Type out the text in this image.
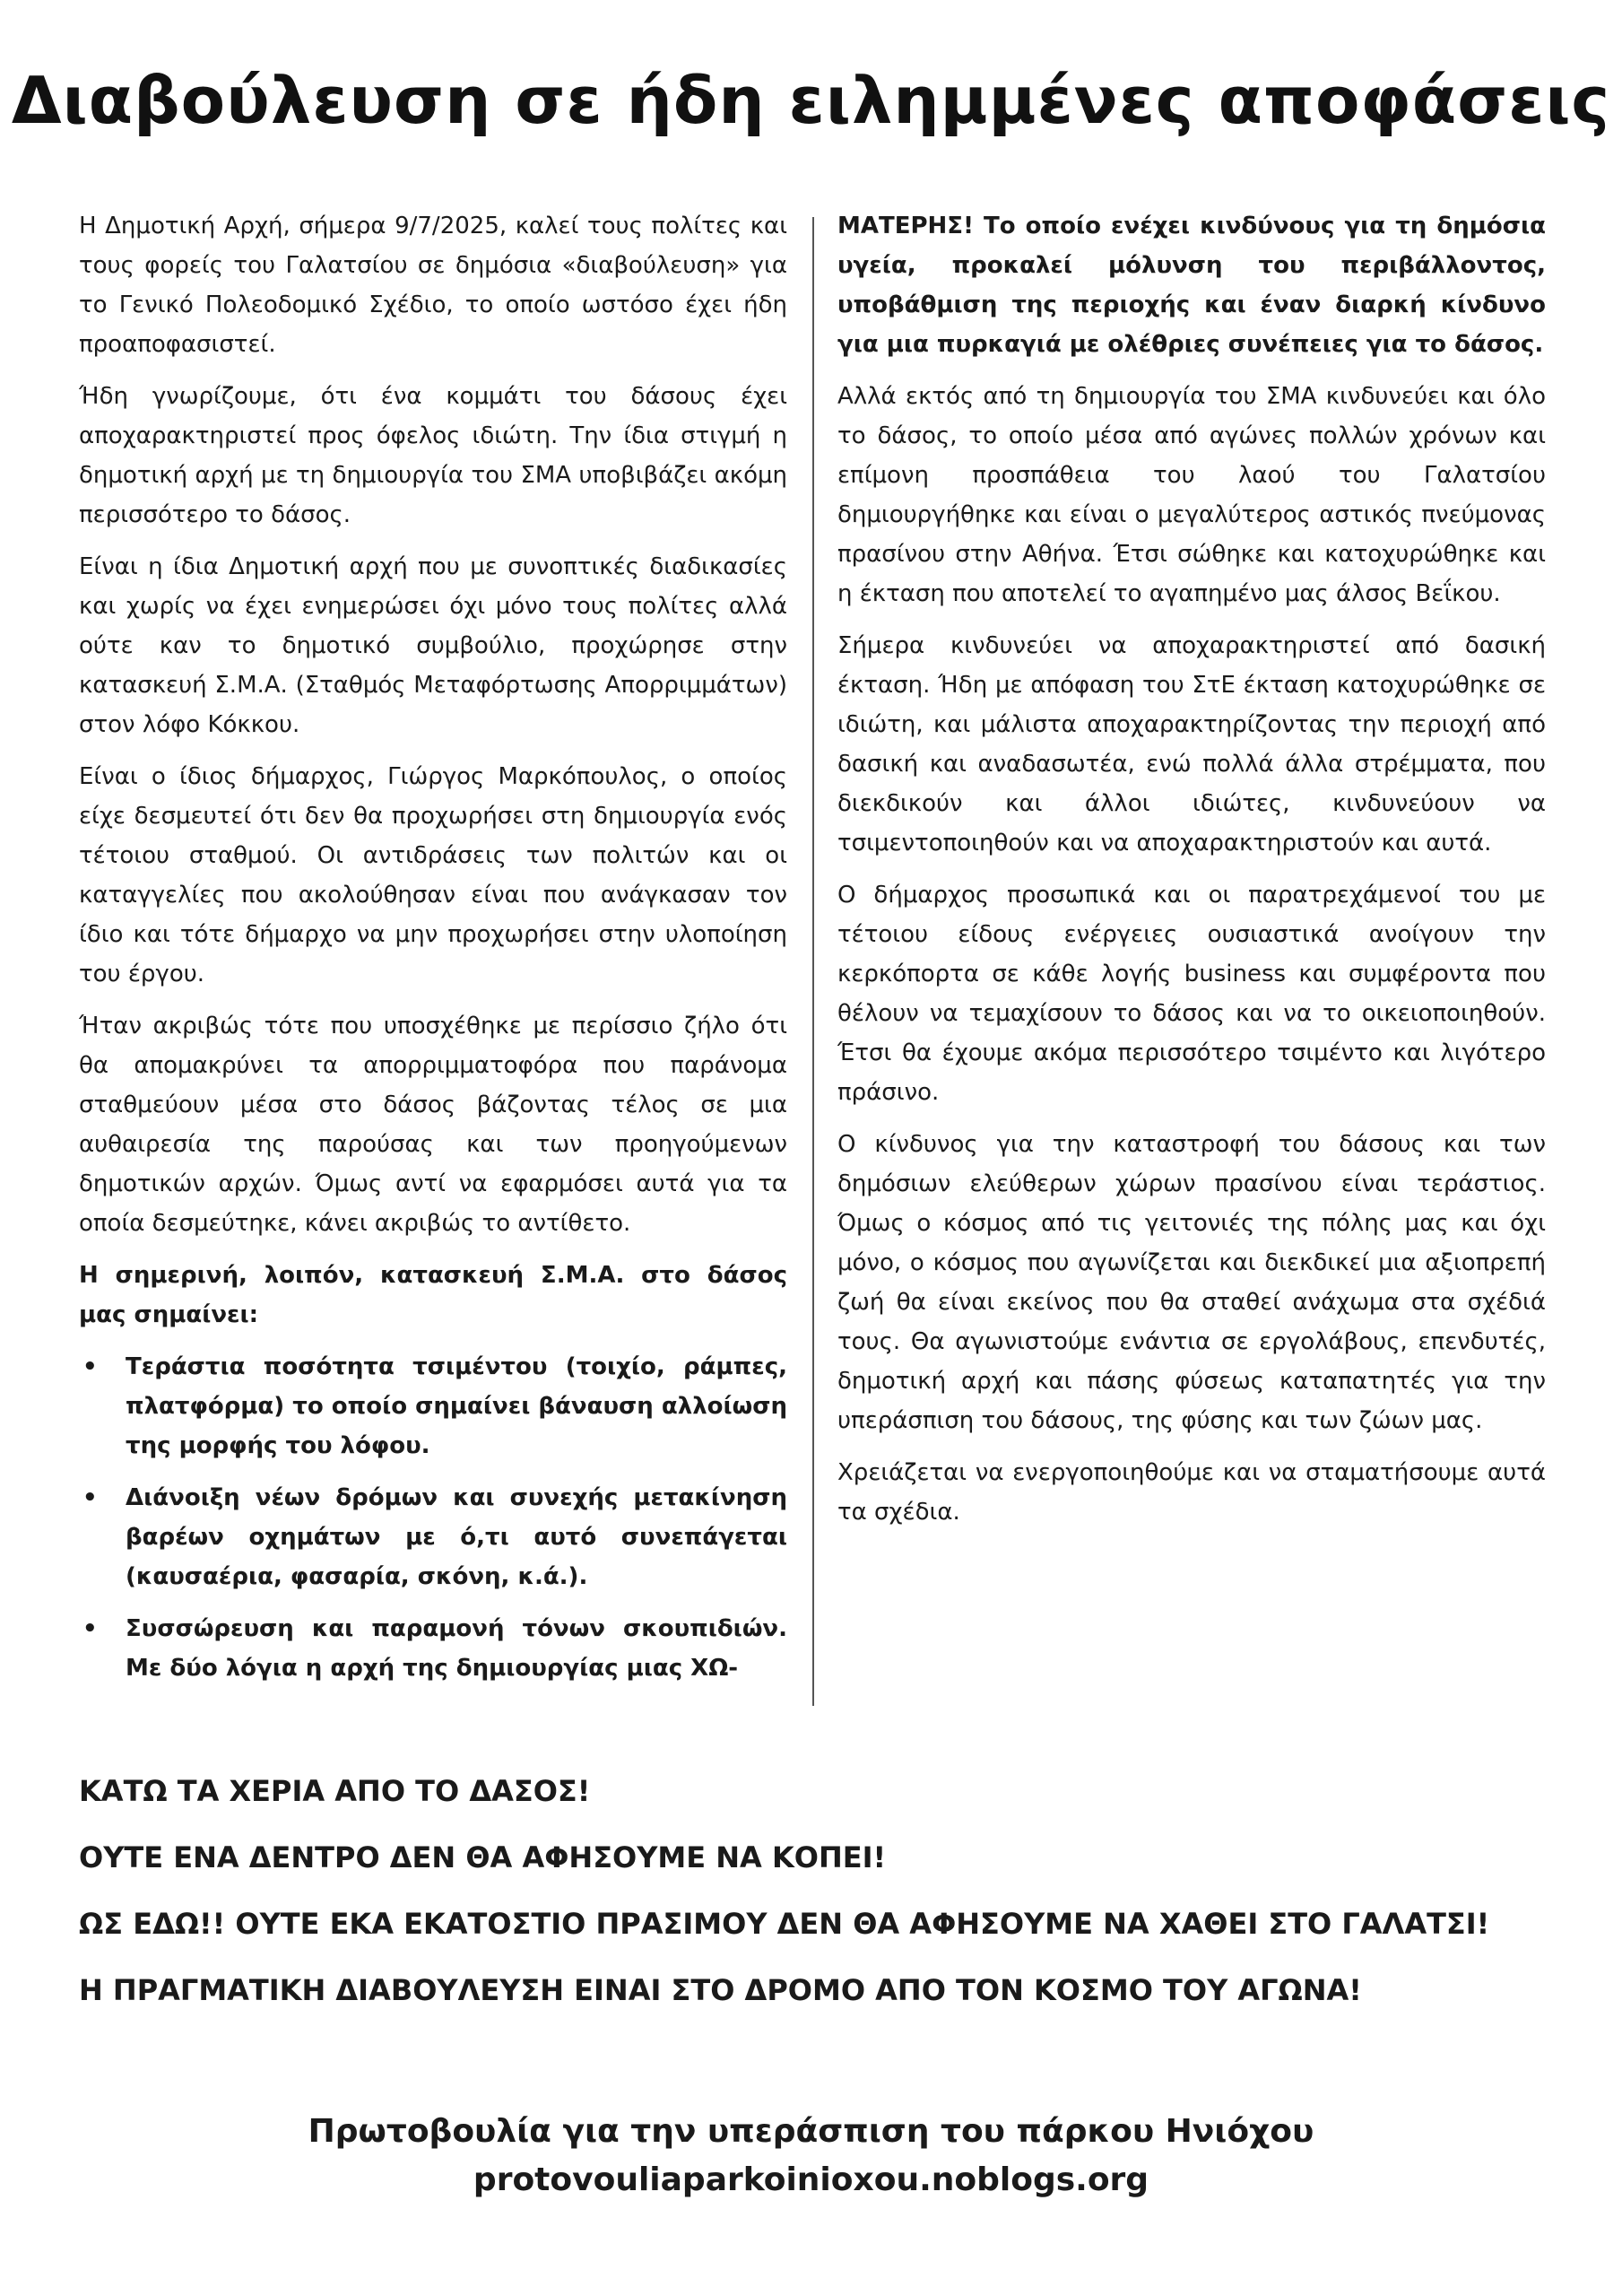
Διαβούλευση σε ήδη ειλημμένες αποφάσεις

Η Δημοτική Αρχή, σήμερα 9/7/2025, καλεί τους πολίτες και τους φορείς του Γαλατσίου σε δημόσια «διαβούλευση» για το Γενικό Πολεοδομικό Σχέδιο, το οποίο ωστόσο έχει ήδη προαποφασιστεί.

Ήδη γνωρίζουμε, ότι ένα κομμάτι του δάσους έχει αποχαρακτηριστεί προς όφελος ιδιώτη. Την ίδια στιγμή η δημοτική αρχή με τη δημιουργία του ΣΜΑ υποβιβάζει ακόμη περισσότερο το δάσος.

Είναι η ίδια Δημοτική αρχή που με συνοπτικές διαδικασίες και χωρίς να έχει ενημερώσει όχι μόνο τους πολίτες αλλά ούτε καν το δημοτικό συμβούλιο, προχώρησε στην κατασκευή Σ.Μ.Α. (Σταθμός Μεταφόρτωσης Απορριμμάτων) στον λόφο Κόκκου.

Είναι ο ίδιος δήμαρχος, Γιώργος Μαρκόπουλος, ο οποίος είχε δεσμευτεί ότι δεν θα προχωρήσει στη δημιουργία ενός τέτοιου σταθμού. Οι αντιδράσεις των πολιτών και οι καταγγελίες που ακολούθησαν είναι που ανάγκασαν τον ίδιο και τότε δήμαρχο να μην προχωρήσει στην υλοποίηση του έργου.

Ήταν ακριβώς τότε που υποσχέθηκε με περίσσιο ζήλο ότι θα απομακρύνει τα απορριμματοφόρα που παράνομα σταθμεύουν μέσα στο δάσος βάζοντας τέλος σε μια αυθαιρεσία της παρούσας και των προηγούμενων δημοτικών αρχών. Όμως αντί να εφαρμόσει αυτά για τα οποία δεσμεύτηκε, κάνει ακριβώς το αντίθετο.

Η σημερινή, λοιπόν, κατασκευή Σ.Μ.Α. στο δάσος μας σημαίνει:

• Τεράστια ποσότητα τσιμέντου (τοιχίο, ράμπες, πλατφόρμα) το οποίο σημαίνει βάναυση αλλοίωση της μορφής του λόφου.
• Διάνοιξη νέων δρόμων και συνεχής μετακίνηση βαρέων οχημάτων με ό,τι αυτό συνεπάγεται (καυσαέρια, φασαρία, σκόνη, κ.ά.).
• Συσσώρευση και παραμονή τόνων σκουπιδιών. Με δύο λόγια η αρχή της δημιουργίας μιας ΧΩ-

ΜΑΤΕΡΗΣ! Το οποίο ενέχει κινδύνους για τη δημόσια υγεία, προκαλεί μόλυνση του περιβάλλοντος, υποβάθμιση της περιοχής και έναν διαρκή κίνδυνο για μια πυρκαγιά με ολέθριες συνέπειες για το δάσος.

Αλλά εκτός από τη δημιουργία του ΣΜΑ κινδυνεύει και όλο το δάσος, το οποίο μέσα από αγώνες πολλών χρόνων και επίμονη προσπάθεια του λαού του Γαλατσίου δημιουργήθηκε και είναι ο μεγαλύτερος αστικός πνεύμονας πρασίνου στην Αθήνα. Έτσι σώθηκε και κατοχυρώθηκε και η έκταση που αποτελεί το αγαπημένο μας άλσος Βεΐκου.

Σήμερα κινδυνεύει να αποχαρακτηριστεί από δασική έκταση. Ήδη με απόφαση του ΣτΕ έκταση κατοχυρώθηκε σε ιδιώτη, και μάλιστα αποχαρακτηρίζοντας την περιοχή από δασική και αναδασωτέα, ενώ πολλά άλλα στρέμματα, που διεκδικούν και άλλοι ιδιώτες, κινδυνεύουν να τσιμεντοποιηθούν και να αποχαρακτηριστούν και αυτά.

Ο δήμαρχος προσωπικά και οι παρατρεχάμενοί του με τέτοιου είδους ενέργειες ουσιαστικά ανοίγουν την κερκόπορτα σε κάθε λογής business και συμφέροντα που θέλουν να τεμαχίσουν το δάσος και να το οικειοποιηθούν. Έτσι θα έχουμε ακόμα περισσότερο τσιμέντο και λιγότερο πράσινο.

Ο κίνδυνος για την καταστροφή του δάσους και των δημόσιων ελεύθερων χώρων πρασίνου είναι τεράστιος. Όμως ο κόσμος από τις γειτονιές της πόλης μας και όχι μόνο, ο κόσμος που αγωνίζεται και διεκδικεί μια αξιοπρεπή ζωή θα είναι εκείνος που θα σταθεί ανάχωμα στα σχέδιά τους. Θα αγωνιστούμε ενάντια σε εργολάβους, επενδυτές, δημοτική αρχή και πάσης φύσεως καταπατητές για την υπεράσπιση του δάσους, της φύσης και των ζώων μας.

Χρειάζεται να ενεργοποιηθούμε και να σταματήσουμε αυτά τα σχέδια.

ΚΑΤΩ ΤΑ ΧΕΡΙΑ ΑΠΟ ΤΟ ΔΑΣΟΣ!
ΟΥΤΕ ΕΝΑ ΔΕΝΤΡΟ ΔΕΝ ΘΑ ΑΦΗΣΟΥΜΕ ΝΑ ΚΟΠΕΙ!
ΩΣ ΕΔΩ!! ΟΥΤΕ ΕΚΑ ΕΚΑΤΟΣΤΙΟ ΠΡΑΣΙΜΟΥ ΔΕΝ ΘΑ ΑΦΗΣΟΥΜΕ ΝΑ ΧΑΘΕΙ ΣΤΟ ΓΑΛΑΤΣΙ!
Η ΠΡΑΓΜΑΤΙΚΗ ΔΙΑΒΟΥΛΕΥΣΗ ΕΙΝΑΙ ΣΤΟ ΔΡΟΜΟ ΑΠΟ ΤΟΝ ΚΟΣΜΟ ΤΟΥ ΑΓΩΝΑ!
Πρωτοβουλία για την υπεράσπιση του πάρκου Ηνιόχου
protovouliaparkoinioxou.noblogs.org
